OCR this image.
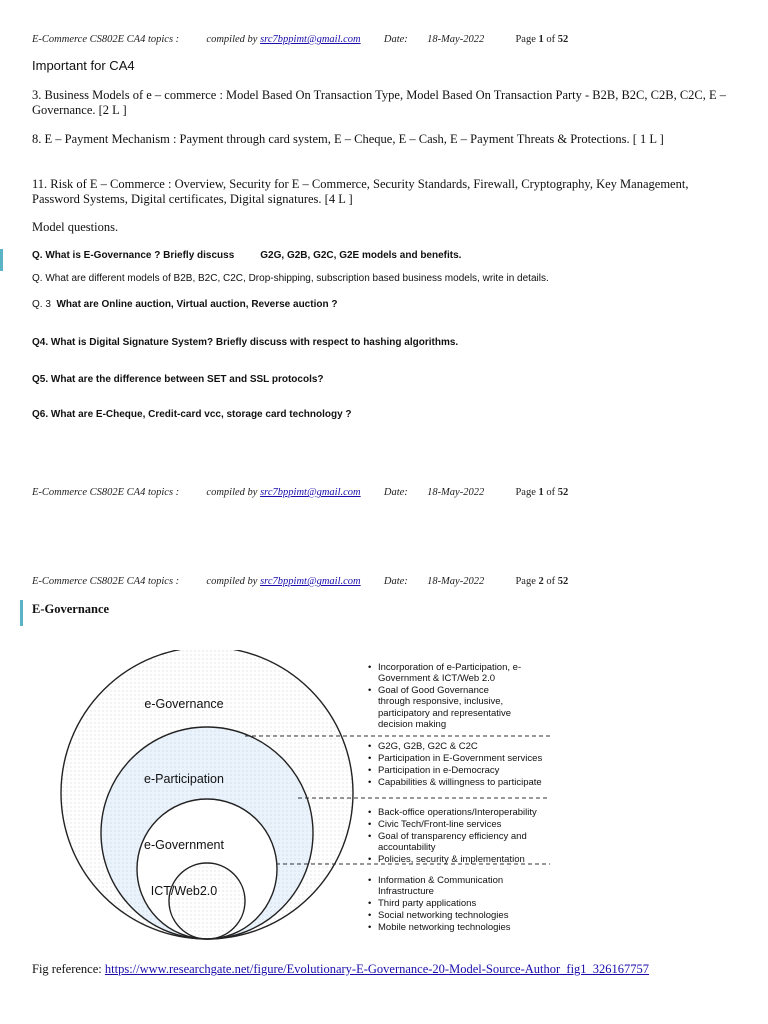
E-Commerce CS802E CA4 topics :	compiled by src7bppimt@gmail.com Date: 18-May-2022	Page 1 of 52
Important for CA4
3. Business Models of e – commerce : Model Based On Transaction Type, Model Based On Transaction Party - B2B, B2C, C2B, C2C, E – Governance. [2 L ]
8. E – Payment Mechanism : Payment through card system, E – Cheque, E – Cash, E – Payment Threats & Protections. [ 1 L ]
11. Risk of E – Commerce : Overview, Security for E – Commerce, Security Standards, Firewall, Cryptography, Key Management, Password Systems, Digital certificates, Digital signatures. [4 L ]
Model questions.
Q. What is E-Governance ? Briefly discuss	G2G, G2B, G2C, G2E models and benefits.
Q. What are different models of B2B, B2C, C2C, Drop-shipping, subscription based business models, write in details.
Q. 3 What are Online auction, Virtual auction, Reverse auction ?
Q4. What is Digital Signature System? Briefly discuss with respect to hashing algorithms.
Q5. What are the difference between SET and SSL protocols?
Q6. What are E-Cheque, Credit-card vcc, storage card technology ?
E-Commerce CS802E CA4 topics :	compiled by src7bppimt@gmail.com Date: 18-May-2022	Page 1 of 52
E-Commerce CS802E CA4 topics :	compiled by src7bppimt@gmail.com Date: 18-May-2022	Page 2 of 52
E-Governance
e-Governance
e-Participation
e-Government
ICT/Web2.0
• Incorporation of e-Participation, e-
Government & ICT/Web 2.0
• Goal of Good Governance
through responsive, inclusive,
participatory and representative
decision making
• G2G, G2B, G2C & C2C
• Participation in E-Government services
• Participation in e-Democracy
• Capabilities & willingness to participate
• Back-office operations/Interoperability
• Civic Tech/Front-line services
• Goal of transparency efficiency and
accountability
• Policies, security & implementation
• Information & Communication
Infrastructure
• Third party applications
• Social networking technologies
• Mobile networking technologies
Fig reference: https://www.researchgate.net/figure/Evolutionary-E-Governance-20-Model-Source-Author_fig1_326167757
